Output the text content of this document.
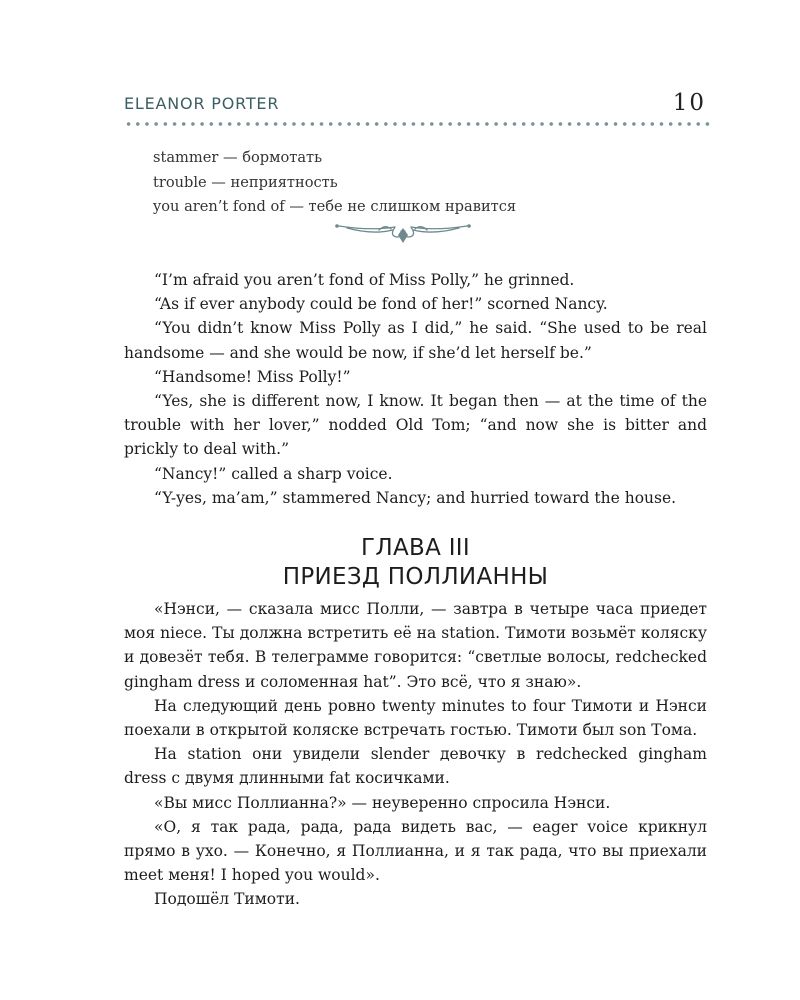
ELEANOR PORTER	10
stammer — бормотать
trouble — неприятность
you aren’t fond of — тебе не слишком нравится

“I’m afraid you aren’t fond of Miss Polly,” he grinned.

“As if ever anybody could be fond of her!” scorned Nancy.

“You didn’t know Miss Polly as I did,” he said. “She used to be real handsome — and she would be now, if she’d let herself be.”

“Handsome! Miss Polly!”

“Yes, she is different now, I know. It began then — at the time of the trouble with her lover,” nodded Old Tom; “and now she is bitter and prickly to deal with.”

“Nancy!” called a sharp voice.

“Y-yes, ma’am,” stammered Nancy; and hurried toward the house.

ГЛАВА III
ПРИЕЗД ПОЛЛИАННЫ

«Нэнси, — сказала мисс Полли, — завтра в четыре часа приедет моя niece. Ты должна встретить её на station. Тимоти возьмёт коляску и довезёт тебя. В телеграмме говорится: “светлые волосы, redchecked gingham dress и соломенная hat”. Это всё, что я знаю».

На следующий день ровно twenty minutes to four Тимоти и Нэнси поехали в открытой коляске встречать гостью. Тимоти был son Тома.

На station они увидели slender девочку в redchecked gingham dress с двумя длинными fat косичками.

«Вы мисс Поллианна?» — неуверенно спросила Нэнси.

«О, я так рада, рада, рада видеть вас, — eager voice крикнул прямо в ухо. — Конечно, я Поллианна, и я так рада, что вы приехали meet меня! I hoped you would».

Подошёл Тимоти.
